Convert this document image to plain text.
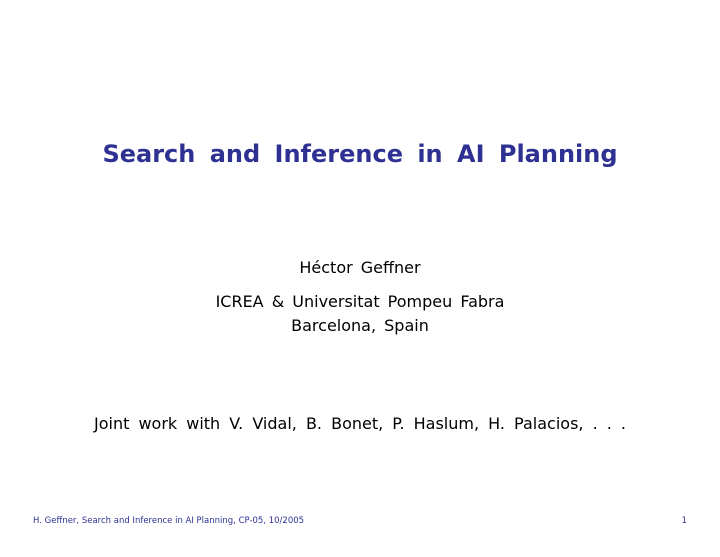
Search and Inference in AI Planning
Héctor Geffner
ICREA & Universitat Pompeu Fabra
Barcelona, Spain
Joint work with V. Vidal, B. Bonet, P. Haslum, H. Palacios, . . .
H. Geffner, Search and Inference in AI Planning, CP-05, 10/2005	1
